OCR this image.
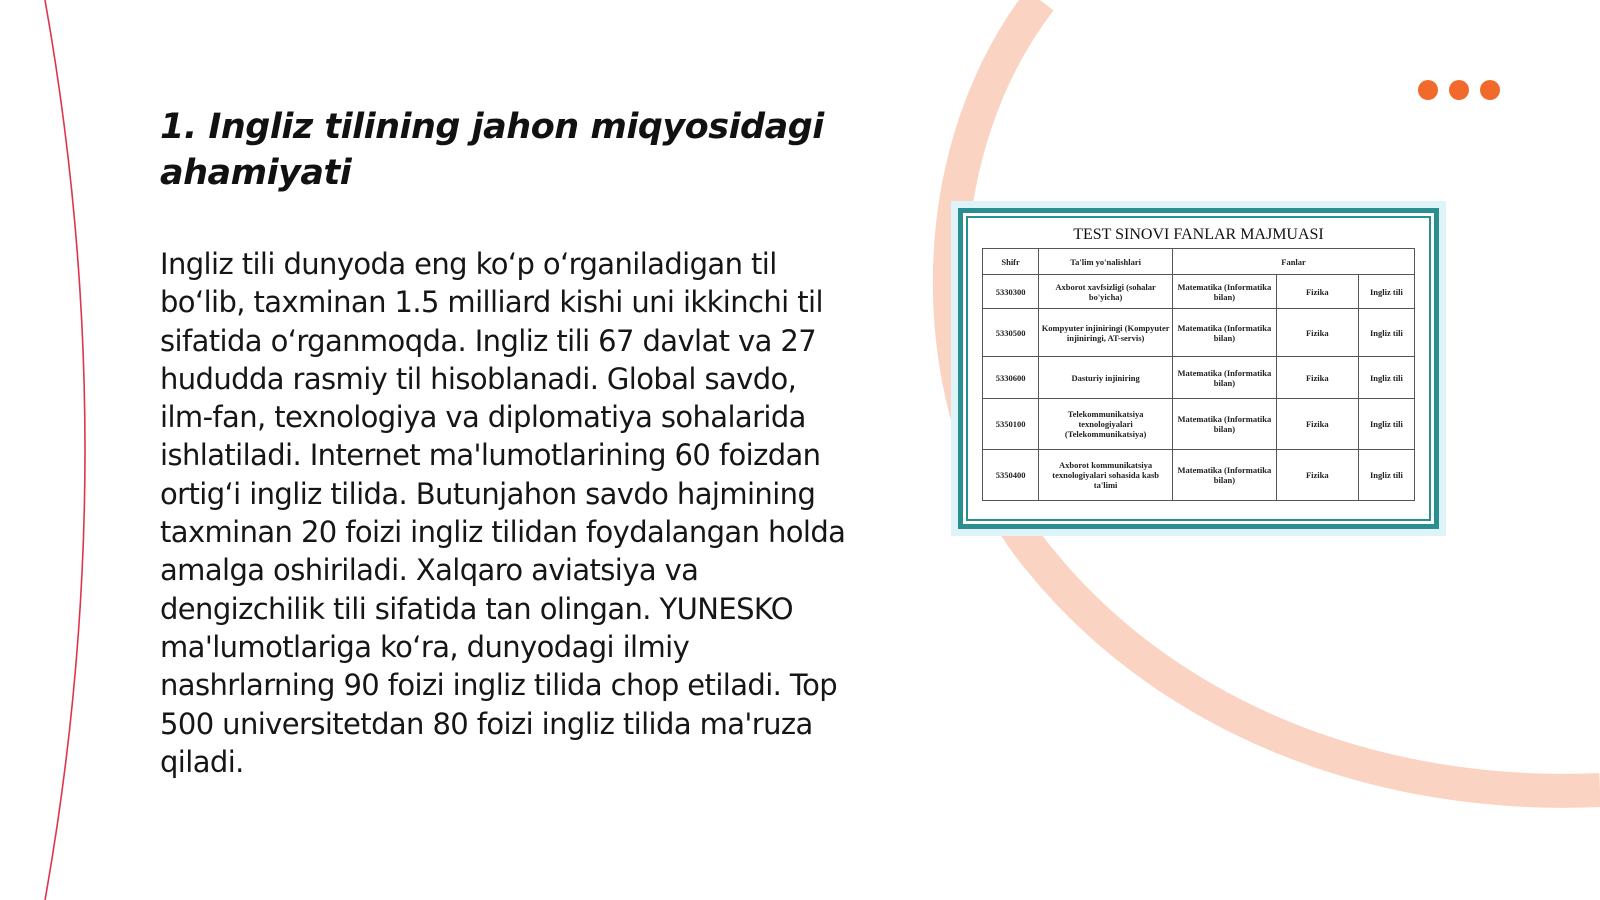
1. Ingliz tilining jahon miqyosidagi ahamiyati

Ingliz tili dunyoda eng koʻp oʻrganiladigan til boʻlib, taxminan 1.5 milliard kishi uni ikkinchi til sifatida oʻrganmoqda. Ingliz tili 67 davlat va 27 hududda rasmiy til hisoblanadi. Global savdo, ilm-fan, texnologiya va diplomatiya sohalarida ishlatiladi. Internet ma'lumotlarining 60 foizdan ortigʻi ingliz tilida. Butunjahon savdo hajmining taxminan 20 foizi ingliz tilidan foydalangan holda amalga oshiriladi. Xalqaro aviatsiya va dengizchilik tili sifatida tan olingan. YUNESKO ma'lumotlariga koʻra, dunyodagi ilmiy nashrlarning 90 foizi ingliz tilida chop etiladi. Top 500 universitetdan 80 foizi ingliz tilida ma'ruza qiladi.

TEST SINOVI FANLAR MAJMUASI
Shifr	Ta'lim yo'nalishlari	Fanlar		
5330300	Axborot xavfsizligi (sohalar bo'yicha)	Matematika (Informatika bilan)	Fizika	Ingliz tili
5330500	Kompyuter injiniringi (Kompyuter injiniringi, AT-servis)	Matematika (Informatika bilan)	Fizika	Ingliz tili
5330600	Dasturiy injiniring	Matematika (Informatika bilan)	Fizika	Ingliz tili
5350100	Telekommunikatsiya texnologiyalari (Telekommunikatsiya)	Matematika (Informatika bilan)	Fizika	Ingliz tili
5350400	Axborot kommunikatsiya texnologiyalari sohasida kasb ta'limi	Matematika (Informatika bilan)	Fizika	Ingliz tili
